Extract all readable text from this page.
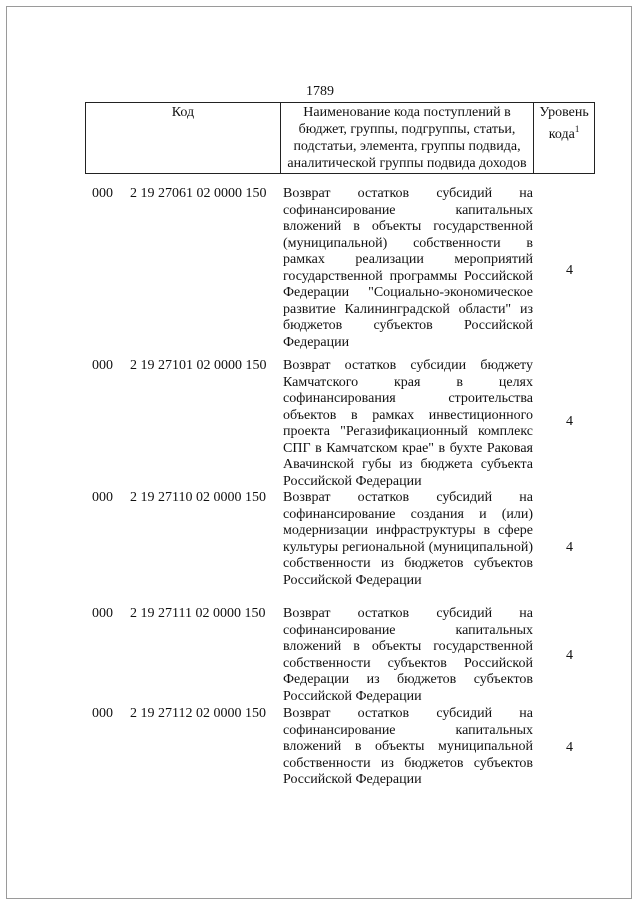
1789
Код	Наименование кода поступлений в бюджет, группы, подгруппы, статьи, подстатьи, элемента, группы подвида, аналитической группы подвида доходов	Уровень кода$^1$
000 2 19 27061 02 0000 150 Возврат остатков субсидий на софинансирование капитальных вложений в объекты государственной (муниципальной) собственности в рамках реализации мероприятий государственной программы Российской Федерации "Социально-экономическое развитие Калининградской области" из бюджетов субъектов Российской Федерации
4
000 2 19 27101 02 0000 150 Возврат остатков субсидии бюджету Камчатского края в целях софинансирования строительства объектов в рамках инвестиционного проекта "Регазификационный комплекс СПГ в Камчатском крае" в бухте Раковая Авачинской губы из бюджета субъекта Российской Федерации
4
000 2 19 27110 02 0000 150 Возврат остатков субсидий на софинансирование создания и (или) модернизации инфраструктуры в сфере культуры региональной (муниципальной) собственности из бюджетов субъектов Российской Федерации
4
000 2 19 27111 02 0000 150 Возврат остатков субсидий на софинансирование капитальных вложений в объекты государственной собственности субъектов Российской Федерации из бюджетов субъектов Российской Федерации
4
000 2 19 27112 02 0000 150 Возврат остатков субсидий на софинансирование капитальных вложений в объекты муниципальной собственности из бюджетов субъектов Российской Федерации
4
